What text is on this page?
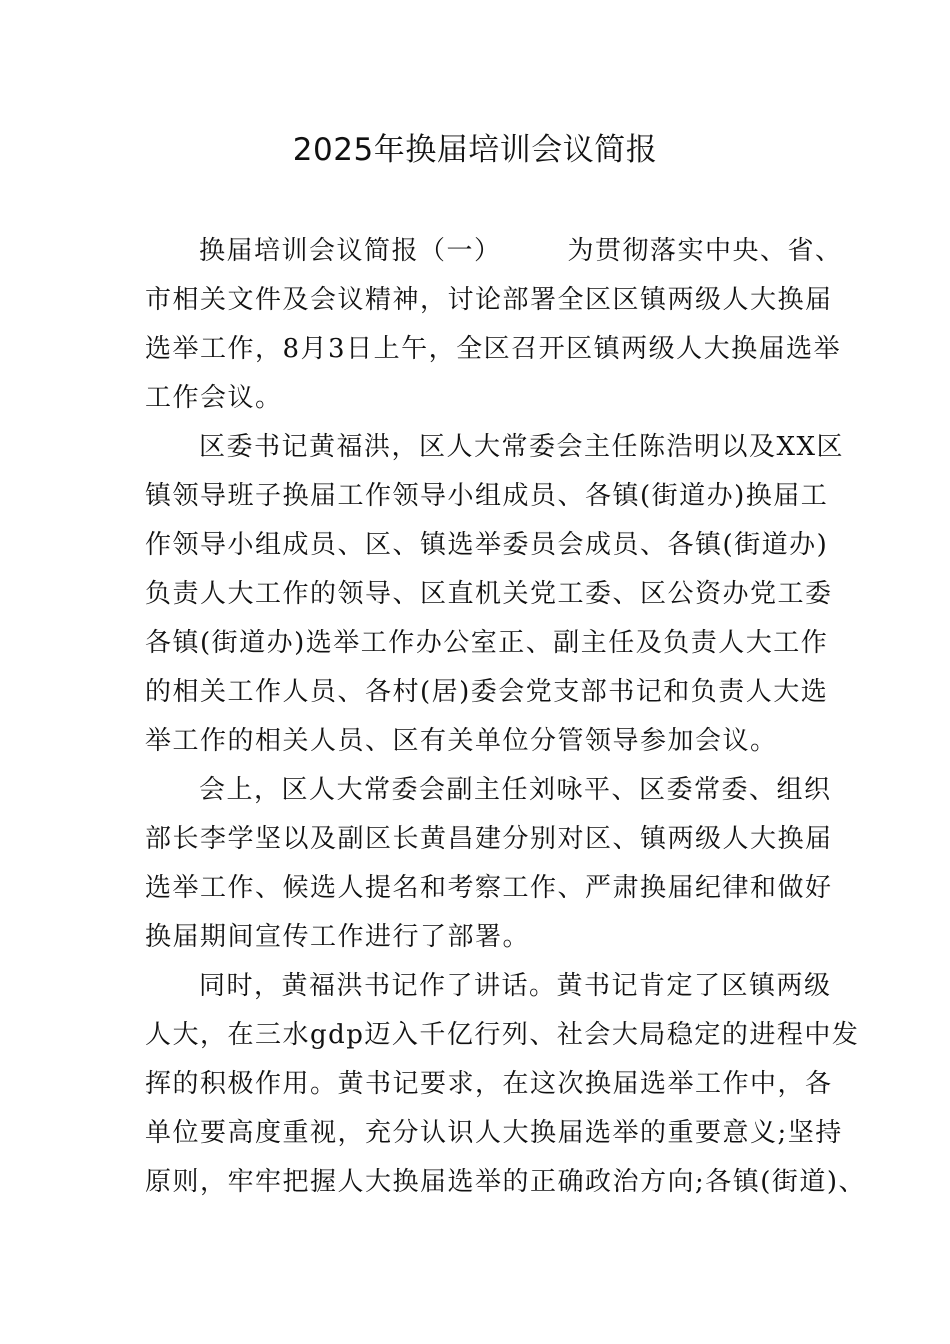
2025年换届培训会议简报

换届培训会议简报（一）	为贯彻落实中央、省、
市相关文件及会议精神，讨论部署全区区镇两级人大换届
选举工作，8月3日上午，全区召开区镇两级人大换届选举
工作会议。

区委书记黄福洪，区人大常委会主任陈浩明以及XX区
镇领导班子换届工作领导小组成员、各镇(街道办)换届工
作领导小组成员、区、镇选举委员会成员、各镇(街道办)
负责人大工作的领导、区直机关党工委、区公资办党工委
各镇(街道办)选举工作办公室正、副主任及负责人大工作
的相关工作人员、各村(居)委会党支部书记和负责人大选
举工作的相关人员、区有关单位分管领导参加会议。

会上，区人大常委会副主任刘咏平、区委常委、组织
部长李学坚以及副区长黄昌建分别对区、镇两级人大换届
选举工作、候选人提名和考察工作、严肃换届纪律和做好
换届期间宣传工作进行了部署。

同时，黄福洪书记作了讲话。黄书记肯定了区镇两级
人大，在三水gdp迈入千亿行列、社会大局稳定的进程中发
挥的积极作用。黄书记要求，在这次换届选举工作中，各
单位要高度重视，充分认识人大换届选举的重要意义;坚持
原则，牢牢把握人大换届选举的正确政治方向;各镇(街道)、
